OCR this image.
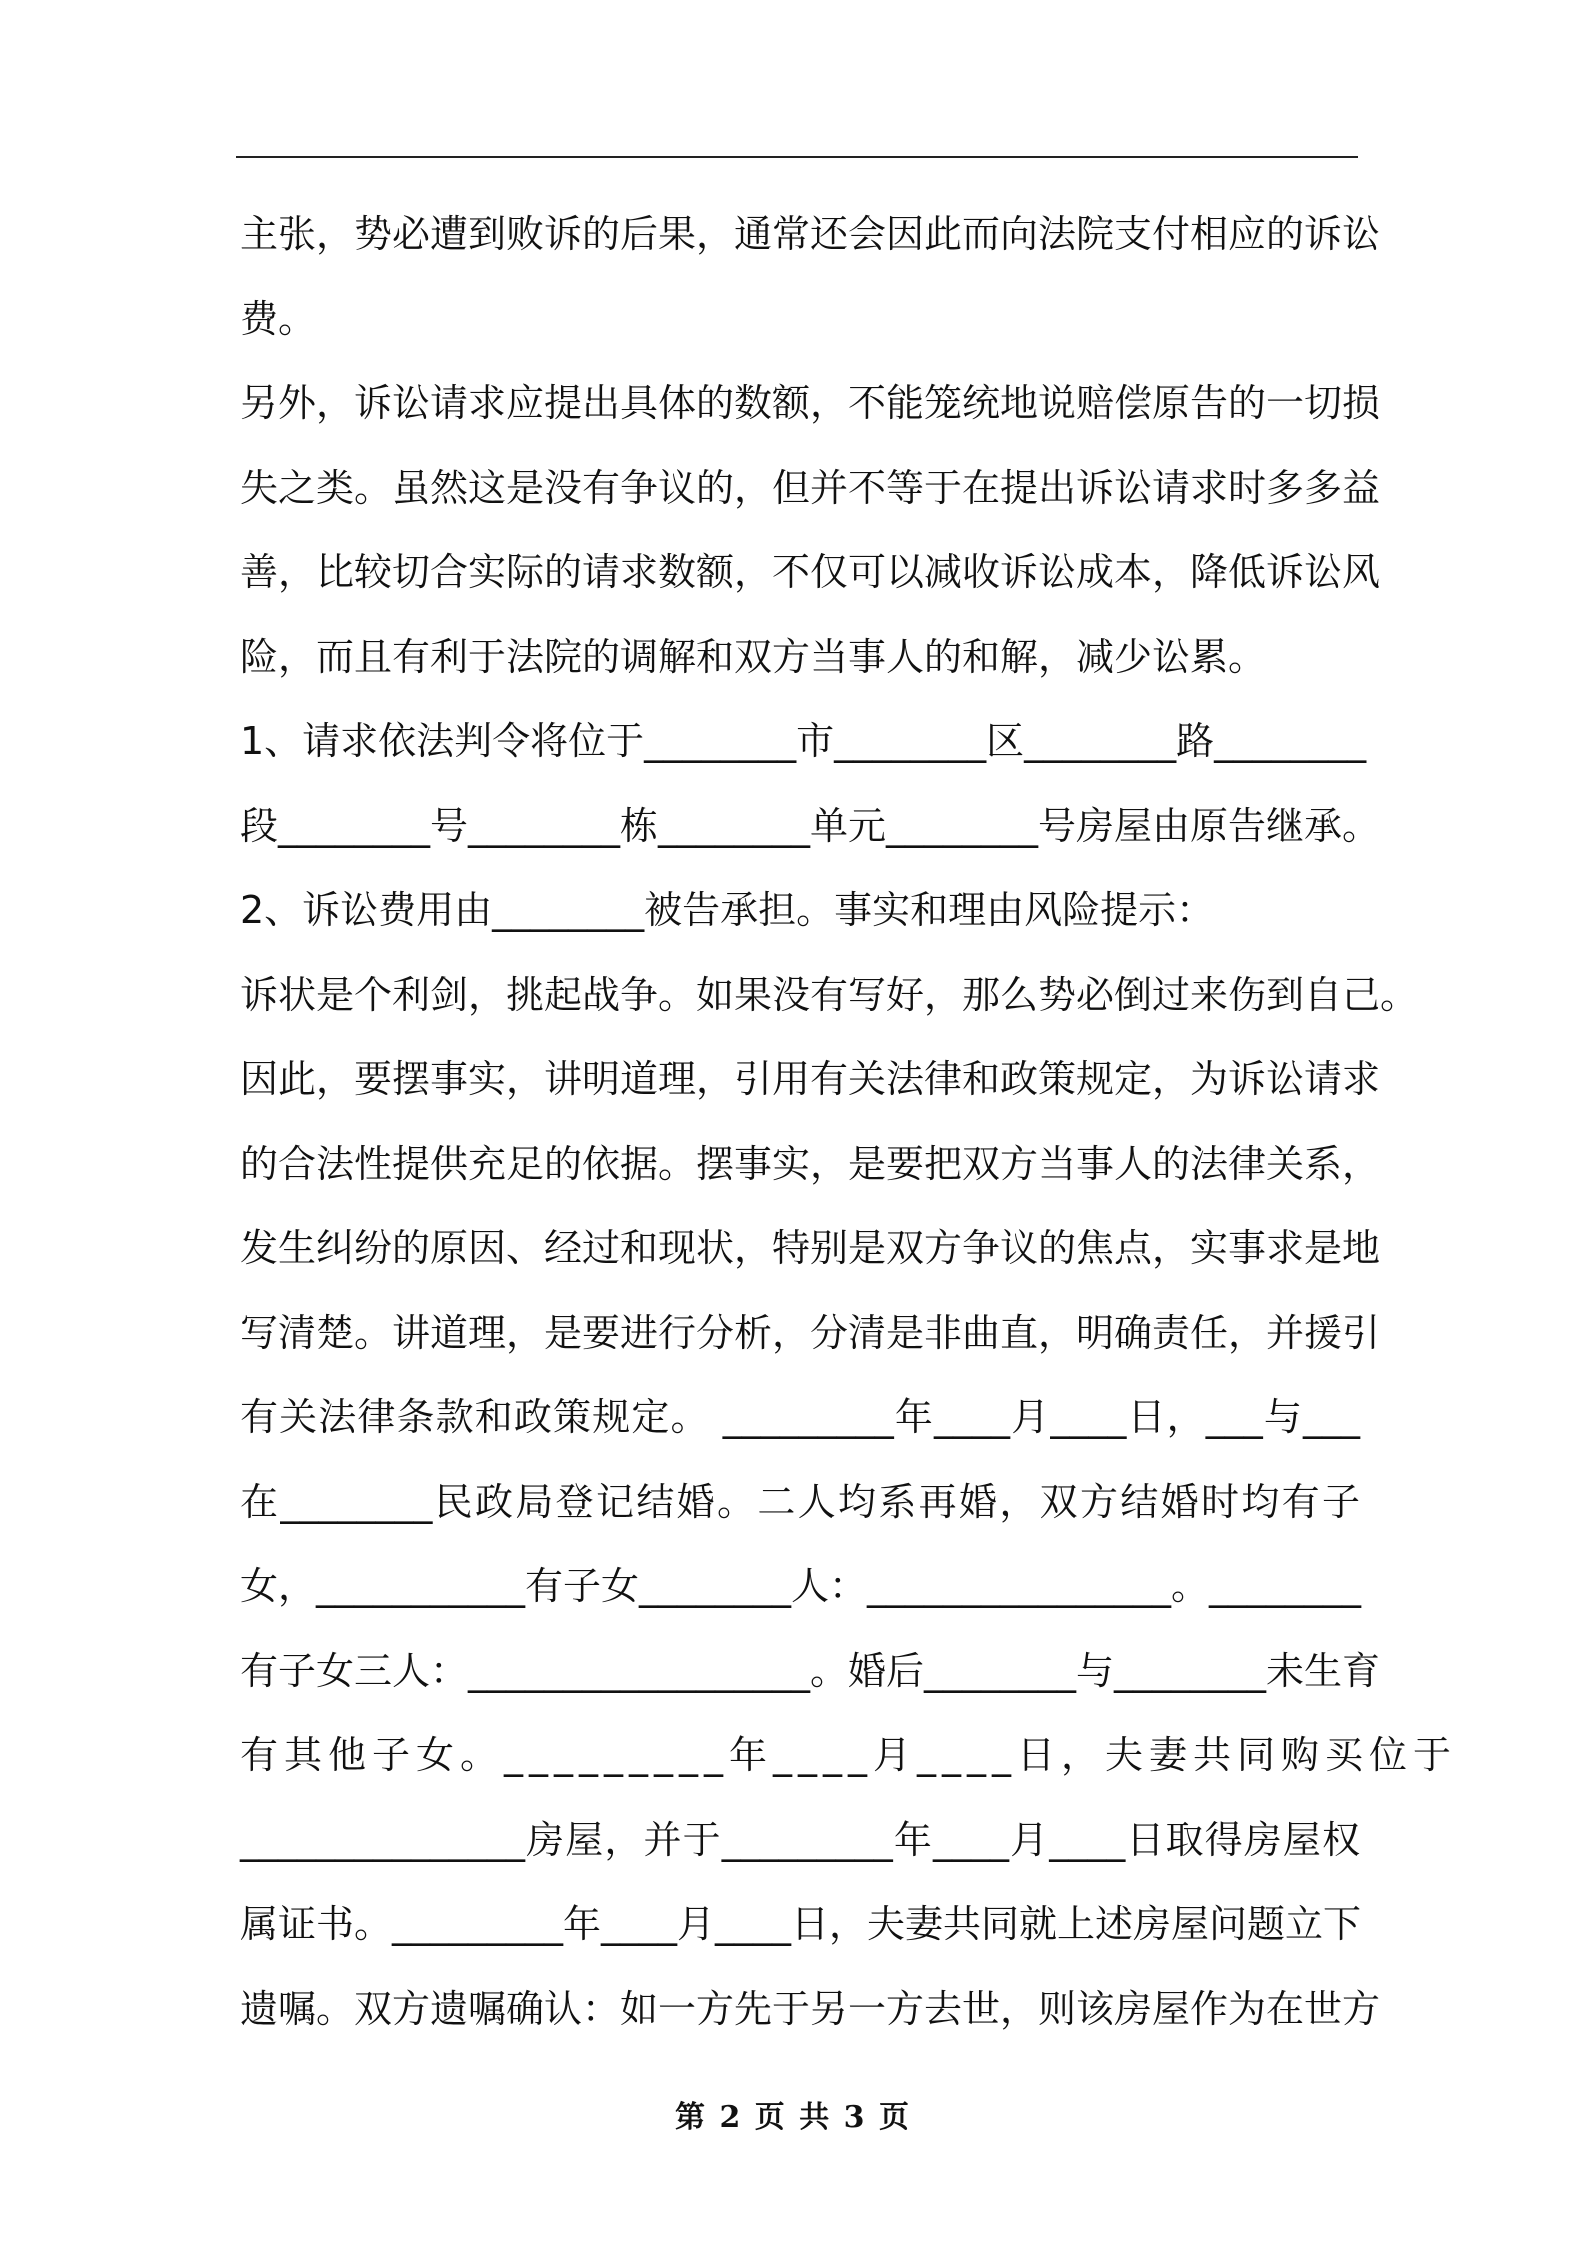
主张，势必遭到败诉的后果，通常还会因此而向法院支付相应的诉讼
费。
另外，诉讼请求应提出具体的数额，不能笼统地说赔偿原告的一切损
失之类。虽然这是没有争议的，但并不等于在提出诉讼请求时多多益
善，比较切合实际的请求数额，不仅可以减收诉讼成本，降低诉讼风
险，而且有利于法院的调解和双方当事人的和解，减少讼累。
1、请求依法判令将位于________市________区________路________
段________号________栋________单元________号房屋由原告继承。
2、诉讼费用由________被告承担。事实和理由风险提示：
诉状是个利剑，挑起战争。如果没有写好，那么势必倒过来伤到自己。
因此，要摆事实，讲明道理，引用有关法律和政策规定，为诉讼请求
的合法性提供充足的依据。摆事实，是要把双方当事人的法律关系，
发生纠纷的原因、经过和现状，特别是双方争议的焦点，实事求是地
写清楚。讲道理，是要进行分析，分清是非曲直，明确责任，并援引
有关法律条款和政策规定。 _________年____月____日，___与___
在________民政局登记结婚。二人均系再婚，双方结婚时均有子
女，___________有子女________人：________________。________
有子女三人：__________________。婚后________与________未生育
有其他子女。_________年____月____日，夫妻共同购买位于
_______________房屋，并于_________年____月____日取得房屋权
属证书。_________年____月____日，夫妻共同就上述房屋问题立下
遗嘱。双方遗嘱确认：如一方先于另一方去世，则该房屋作为在世方
第 2 页 共 3 页
